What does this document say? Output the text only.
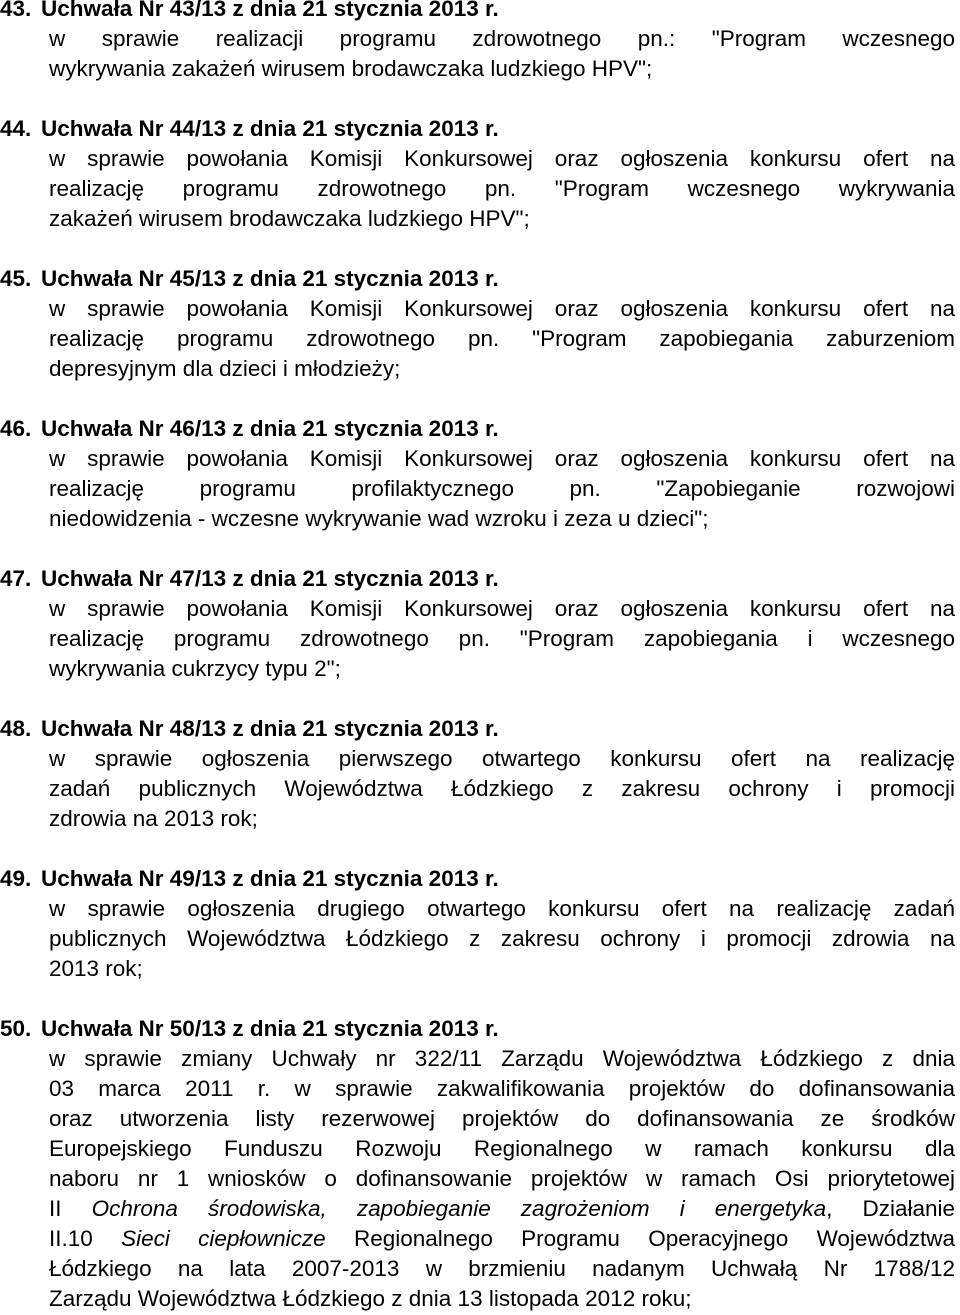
43. Uchwała Nr 43/13 z dnia 21 stycznia 2013 r.
w sprawie realizacji programu zdrowotnego pn.: "Program wczesnego
wykrywania zakażeń wirusem brodawczaka ludzkiego HPV";
44. Uchwała Nr 44/13 z dnia 21 stycznia 2013 r.
w sprawie powołania Komisji Konkursowej oraz ogłoszenia konkursu ofert na
realizację programu zdrowotnego pn. "Program wczesnego wykrywania
zakażeń wirusem brodawczaka ludzkiego HPV";
45. Uchwała Nr 45/13 z dnia 21 stycznia 2013 r.
w sprawie powołania Komisji Konkursowej oraz ogłoszenia konkursu ofert na
realizację programu zdrowotnego pn. "Program zapobiegania zaburzeniom
depresyjnym dla dzieci i młodzieży;
46. Uchwała Nr 46/13 z dnia 21 stycznia 2013 r.
w sprawie powołania Komisji Konkursowej oraz ogłoszenia konkursu ofert na
realizację programu profilaktycznego pn. "Zapobieganie rozwojowi
niedowidzenia - wczesne wykrywanie wad wzroku i zeza u dzieci";
47. Uchwała Nr 47/13 z dnia 21 stycznia 2013 r.
w sprawie powołania Komisji Konkursowej oraz ogłoszenia konkursu ofert na
realizację programu zdrowotnego pn. "Program zapobiegania i wczesnego
wykrywania cukrzycy typu 2";
48. Uchwała Nr 48/13 z dnia 21 stycznia 2013 r.
w sprawie ogłoszenia pierwszego otwartego konkursu ofert na realizację
zadań publicznych Województwa Łódzkiego z zakresu ochrony i promocji
zdrowia na 2013 rok;
49. Uchwała Nr 49/13 z dnia 21 stycznia 2013 r.
w sprawie ogłoszenia drugiego otwartego konkursu ofert na realizację zadań
publicznych Województwa Łódzkiego z zakresu ochrony i promocji zdrowia na
2013 rok;
50. Uchwała Nr 50/13 z dnia 21 stycznia 2013 r.
w sprawie zmiany Uchwały nr 322/11 Zarządu Województwa Łódzkiego z dnia
03 marca 2011 r. w sprawie zakwalifikowania projektów do dofinansowania
oraz utworzenia listy rezerwowej projektów do dofinansowania ze środków
Europejskiego Funduszu Rozwoju Regionalnego w ramach konkursu dla
naboru nr 1 wniosków o dofinansowanie projektów w ramach Osi priorytetowej
II Ochrona środowiska, zapobieganie zagrożeniom i energetyka, Działanie
II.10 Sieci ciepłownicze Regionalnego Programu Operacyjnego Województwa
Łódzkiego na lata 2007-2013 w brzmieniu nadanym Uchwałą Nr 1788/12
Zarządu Województwa Łódzkiego z dnia 13 listopada 2012 roku;
